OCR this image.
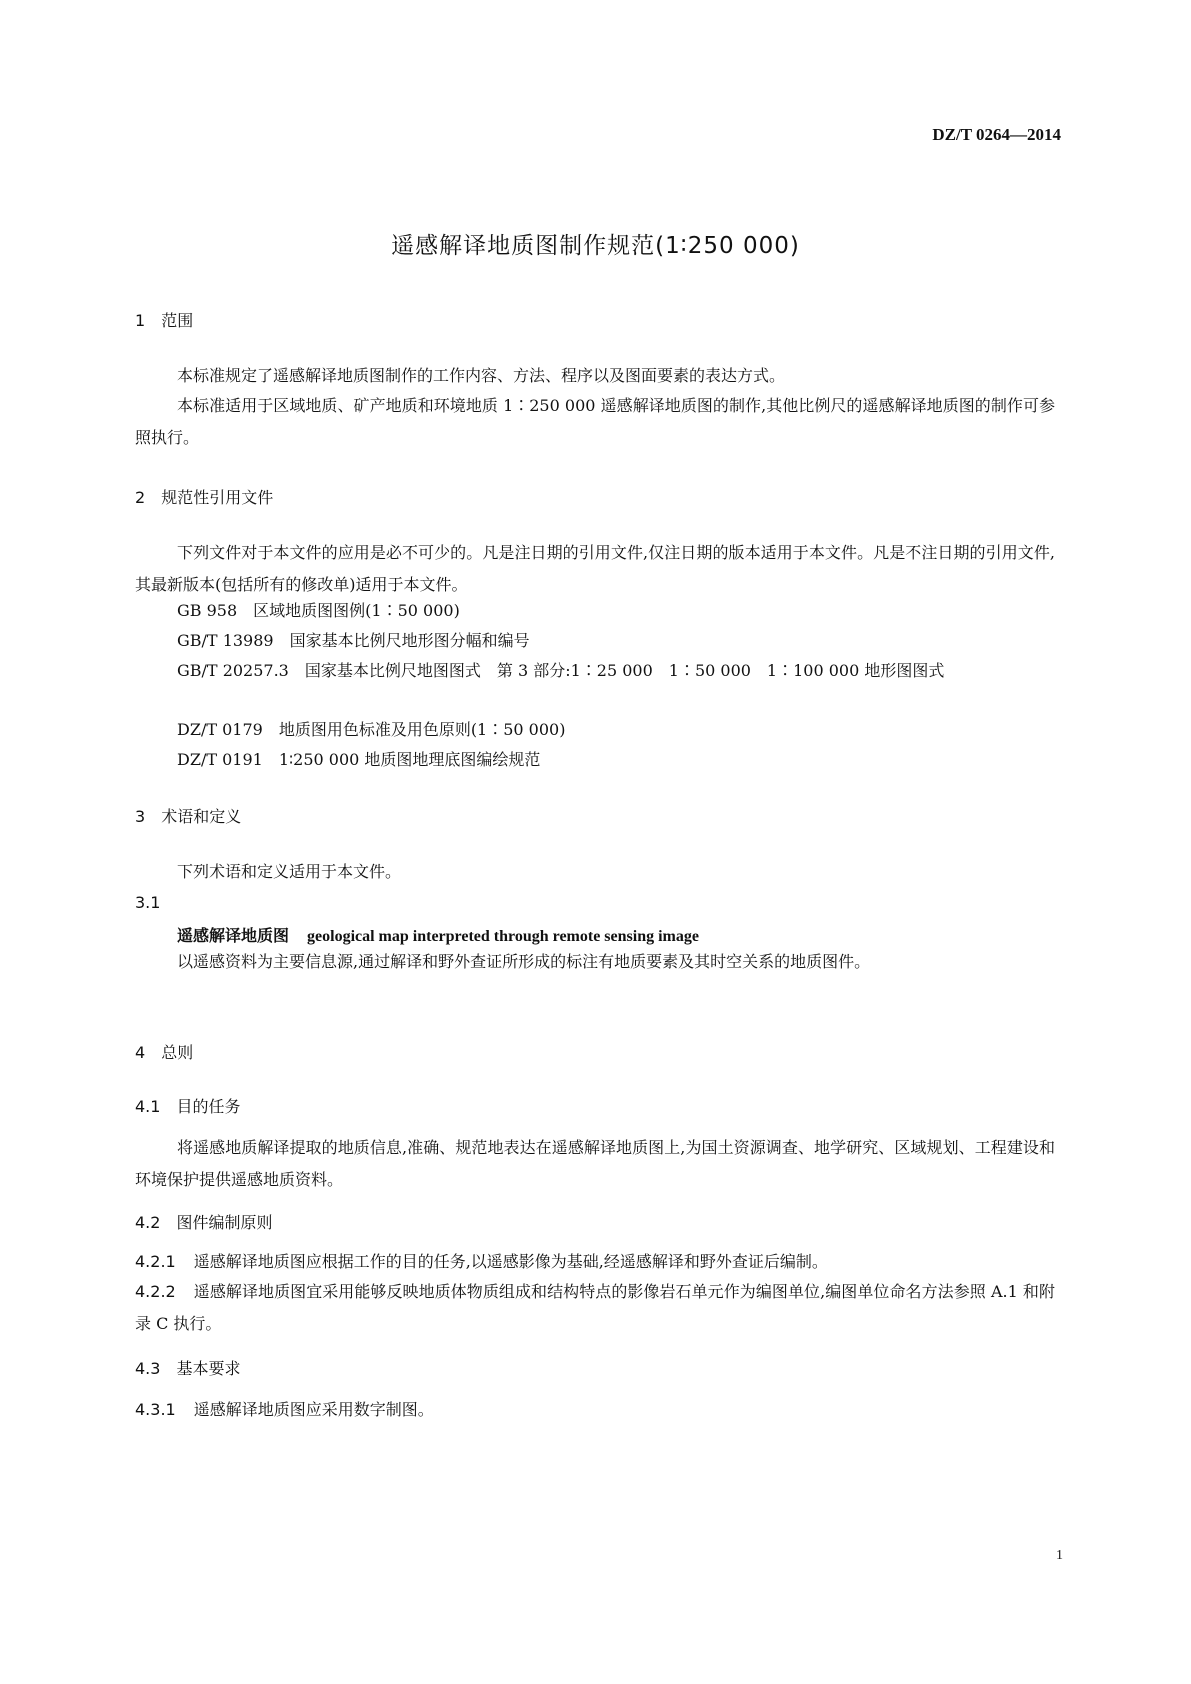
DZ/T 0264—2014
遥感解译地质图制作规范(1∶250 000)
1 范围
本标准规定了遥感解译地质图制作的工作内容、方法、程序以及图面要素的表达方式。
本标准适用于区域地质、矿产地质和环境地质 1∶250 000 遥感解译地质图的制作,其他比例尺的遥感解译地质图的制作可参照执行。
2 规范性引用文件
下列文件对于本文件的应用是必不可少的。凡是注日期的引用文件,仅注日期的版本适用于本文件。凡是不注日期的引用文件,其最新版本(包括所有的修改单)适用于本文件。
GB 958 区域地质图图例(1∶50 000)
GB/T 13989 国家基本比例尺地形图分幅和编号
GB/T 20257.3 国家基本比例尺地图图式　第 3 部分:1∶25 000　1∶50 000　1∶100 000 地形图图式
DZ/T 0179 地质图用色标准及用色原则(1∶50 000)
DZ/T 0191 1∶250 000 地质图地理底图编绘规范
3 术语和定义
下列术语和定义适用于本文件。
3.1
遥感解译地质图 geological map interpreted through remote sensing image
以遥感资料为主要信息源,通过解译和野外查证所形成的标注有地质要素及其时空关系的地质图件。
4 总则
4.1 目的任务
将遥感地质解译提取的地质信息,准确、规范地表达在遥感解译地质图上,为国土资源调查、地学研究、区域规划、工程建设和环境保护提供遥感地质资料。
4.2 图件编制原则
4.2.1 遥感解译地质图应根据工作的目的任务,以遥感影像为基础,经遥感解译和野外查证后编制。
4.2.2 遥感解译地质图宜采用能够反映地质体物质组成和结构特点的影像岩石单元作为编图单位,编图单位命名方法参照 A.1 和附录 C 执行。
4.3 基本要求
4.3.1 遥感解译地质图应采用数字制图。
1
